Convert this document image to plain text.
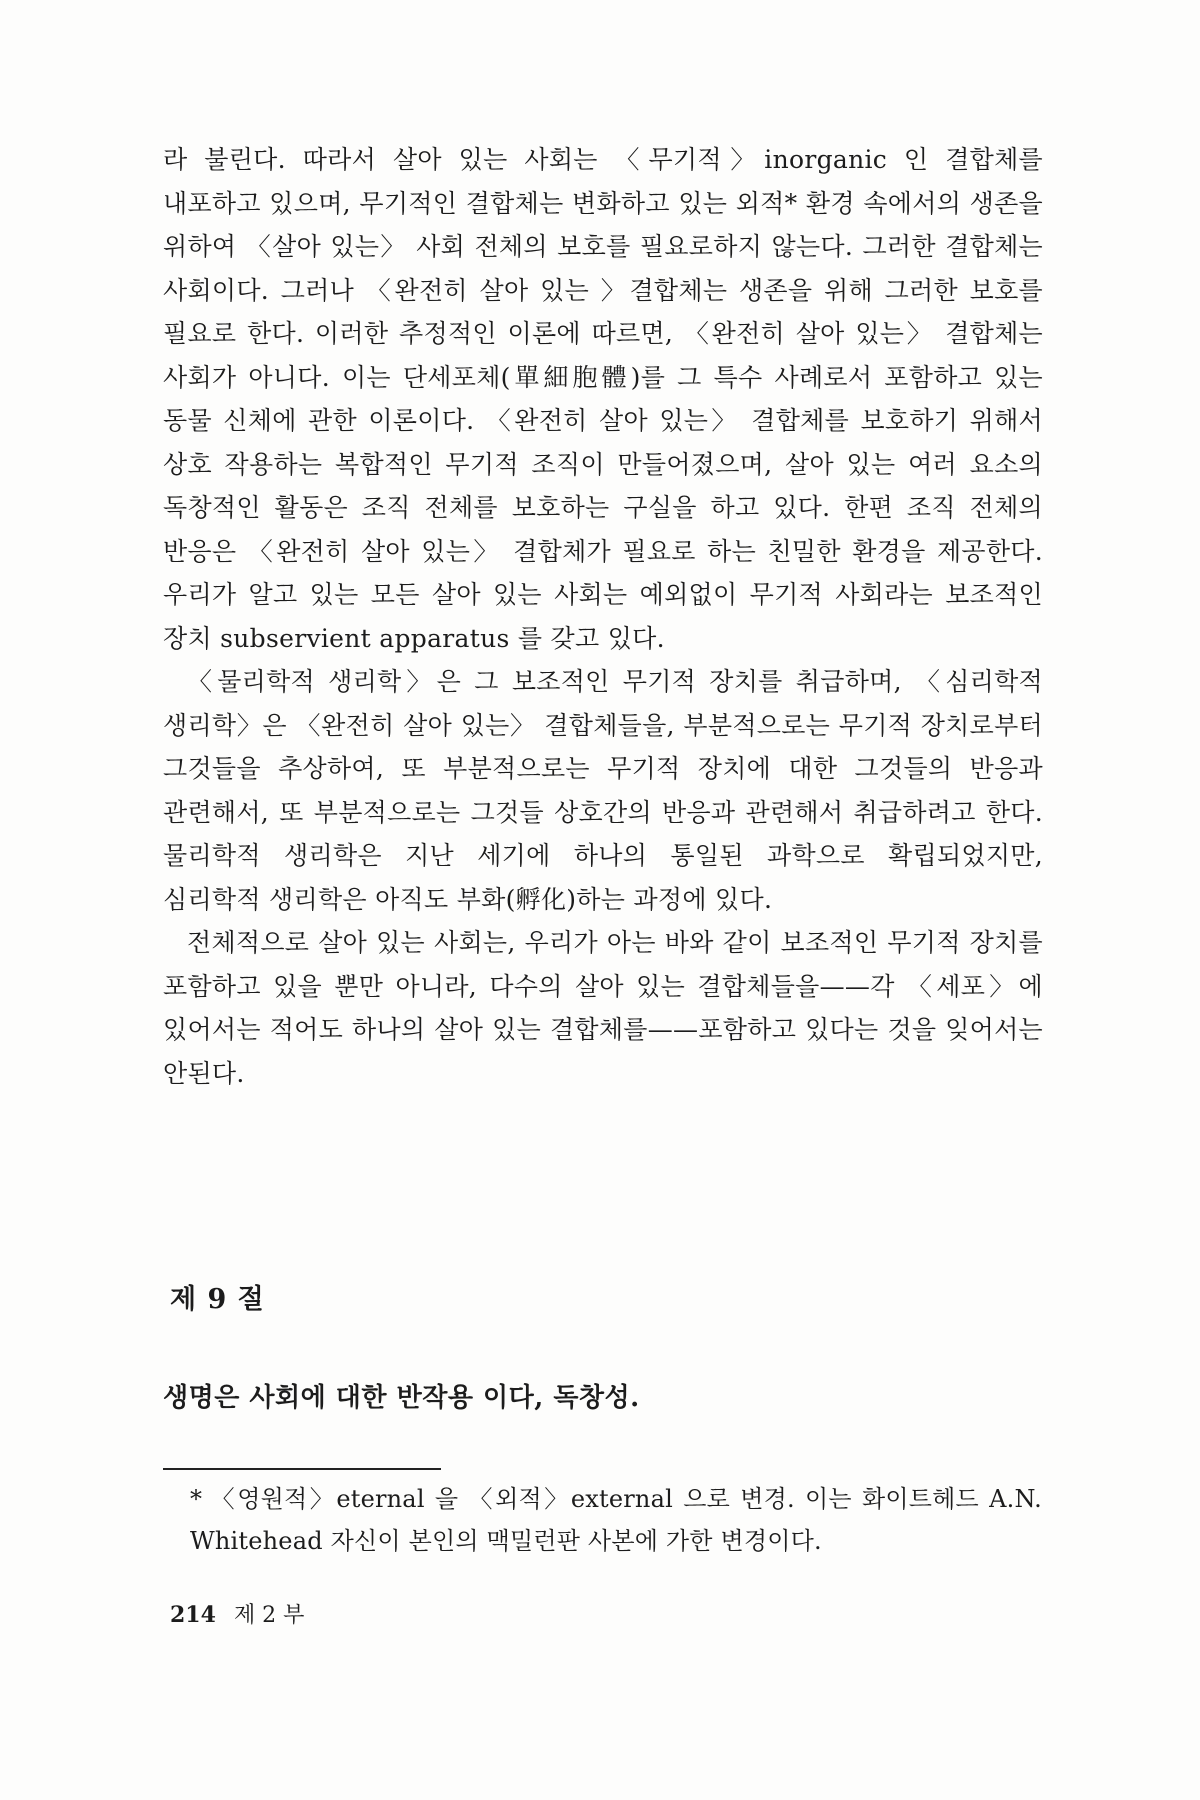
라 불린다. 따라서 살아 있는 사회는 〈무기적〉inorganic 인 결합체를 내포하고 있으며, 무기적인 결합체는 변화하고 있는 외적* 환경 속에서의 생존을 위하여 〈살아 있는〉 사회 전체의 보호를 필요로하지 않는다. 그러한 결합체는 사회이다. 그러나 〈완전히 살아 있는 〉결합체는 생존을 위해 그러한 보호를 필요로 한다. 이러한 추정적인 이론에 따르면, 〈완전히 살아 있는〉 결합체는 사회가 아니다. 이는 단세포체(單細胞體)를 그 특수 사례로서 포함하고 있는 동물 신체에 관한 이론이다. 〈완전히 살아 있는〉 결합체를 보호하기 위해서 상호 작용하는 복합적인 무기적 조직이 만들어졌으며, 살아 있는 여러 요소의 독창적인 활동은 조직 전체를 보호하는 구실을 하고 있다. 한편 조직 전체의 반응은 〈완전히 살아 있는〉 결합체가 필요로 하는 친밀한 환경을 제공한다. 우리가 알고 있는 모든 살아 있는 사회는 예외없이 무기적 사회라는 보조적인 장치 subservient apparatus 를 갖고 있다.

〈물리학적 생리학〉은 그 보조적인 무기적 장치를 취급하며, 〈심리학적 생리학〉은 〈완전히 살아 있는〉 결합체들을, 부분적으로는 무기적 장치로부터 그것들을 추상하여, 또 부분적으로는 무기적 장치에 대한 그것들의 반응과 관련해서, 또 부분적으로는 그것들 상호간의 반응과 관련해서 취급하려고 한다. 물리학적 생리학은 지난 세기에 하나의 통일된 과학으로 확립되었지만, 심리학적 생리학은 아직도 부화(孵化)하는 과정에 있다.

전체적으로 살아 있는 사회는, 우리가 아는 바와 같이 보조적인 무기적 장치를 포함하고 있을 뿐만 아니라, 다수의 살아 있는 결합체들을——각 〈세포〉에 있어서는 적어도 하나의 살아 있는 결합체를——포함하고 있다는 것을 잊어서는 안된다.

제 9 절
생명은 사회에 대한 반작용 이다, 독창성.

* 〈영원적〉eternal 을 〈외적〉external 으로 변경. 이는 화이트헤드 A.N. Whitehead 자신이 본인의 맥밀런판 사본에 가한 변경이다.

214 제 2 부
